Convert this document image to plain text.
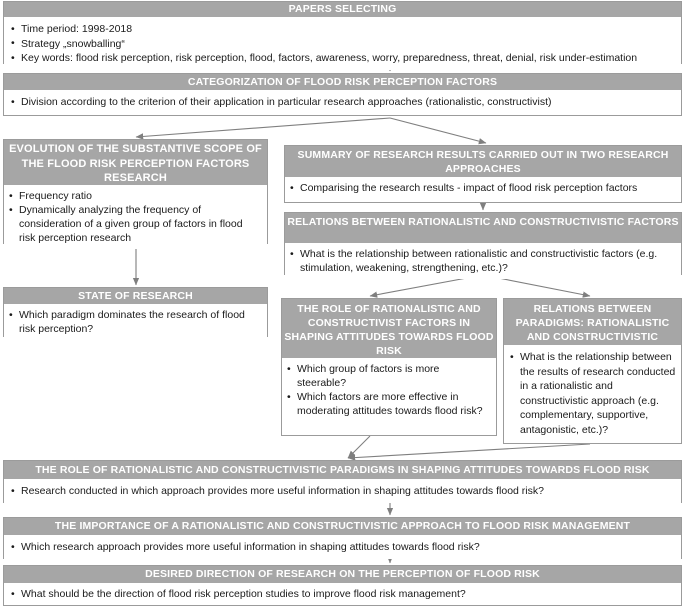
PAPERS SELECTING
• Time period: 1998-2018
• Strategy „snowballing“
• Key words: flood risk perception, risk perception, flood, factors, awareness, worry, preparedness, threat, denial, risk under-estimation
CATEGORIZATION OF FLOOD RISK PERCEPTION FACTORS
• Division according to the criterion of their application in particular research approaches (rationalistic, constructivist)
EVOLUTION OF THE SUBSTANTIVE SCOPE OF THE FLOOD RISK PERCEPTION FACTORS RESEARCH
• Frequency ratio
• Dynamically analyzing the frequency of consideration of a given group of factors in flood risk perception research
SUMMARY OF RESEARCH RESULTS CARRIED OUT IN TWO RESEARCH APPROACHES
• Comparising the research results - impact of flood risk perception factors
RELATIONS BETWEEN RATIONALISTIC AND CONSTRUCTIVISTIC FACTORS
• What is the relationship between rationalistic and constructivistic factors (e.g. stimulation, weakening, strengthening, etc.)?
STATE OF RESEARCH
• Which paradigm dominates the research of flood risk perception?
THE ROLE OF RATIONALISTIC AND CONSTRUCTIVIST FACTORS IN SHAPING ATTITUDES TOWARDS FLOOD RISK
• Which group of factors is more steerable?
• Which factors are more effective in moderating attitudes towards flood risk?
RELATIONS BETWEEN PARADIGMS: RATIONALISTIC AND CONSTRUCTIVISTIC
• What is the relationship between the results of research conducted in a rationalistic and constructivistic approach (e.g. complementary, supportive, antagonistic, etc.)?
THE ROLE OF RATIONALISTIC AND CONSTRUCTIVISTIC PARADIGMS IN SHAPING ATTITUDES TOWARDS FLOOD RISK
• Research conducted in which approach provides more useful information in shaping attitudes towards flood risk?
THE IMPORTANCE OF A RATIONALISTIC AND CONSTRUCTIVISTIC APPROACH TO FLOOD RISK MANAGEMENT
• Which research approach provides more useful information in shaping attitudes towards flood risk?
DESIRED DIRECTION OF RESEARCH ON THE PERCEPTION OF FLOOD RISK
• What should be the direction of flood risk perception studies to improve flood risk management?
